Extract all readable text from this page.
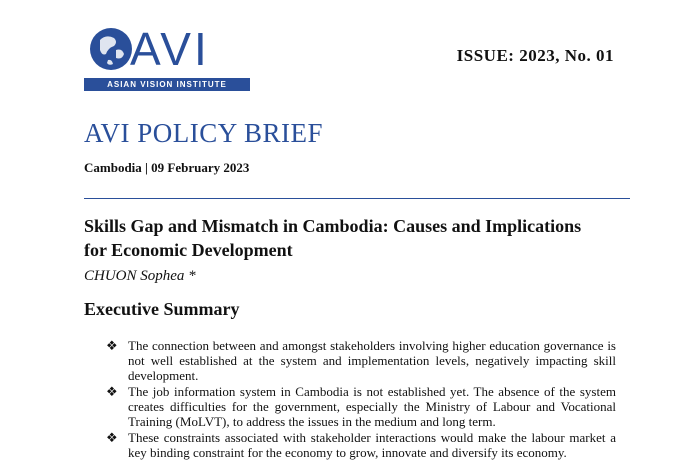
AVI
ASIAN VISION INSTITUTE
ISSUE: 2023, No. 01
AVI POLICY BRIEF
Cambodia | 09 February 2023
Skills Gap and Mismatch in Cambodia: Causes and Implications for Economic Development
CHUON Sophea *
Executive Summary
❖ The connection between and amongst stakeholders involving higher education governance is not well established at the system and implementation levels, negatively impacting skill development.
❖ The job information system in Cambodia is not established yet. The absence of the system creates difficulties for the government, especially the Ministry of Labour and Vocational Training (MoLVT), to address the issues in the medium and long term.
❖ These constraints associated with stakeholder interactions would make the labour market a key binding constraint for the economy to grow, innovate and diversify its economy.
